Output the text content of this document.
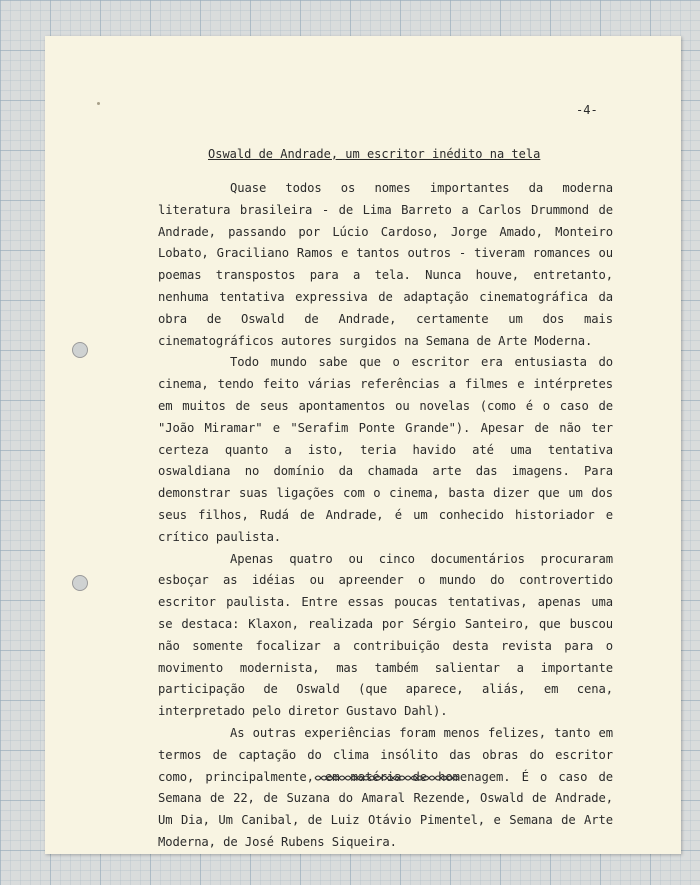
-4-
Oswald de Andrade, um escritor inédito na tela

Quase todos os nomes importantes da moderna literatura brasileira - de Lima Barreto a Carlos Drummond de Andrade, passando por Lúcio Cardoso, Jorge Amado, Monteiro Lobato, Graciliano Ramos e tantos outros - tiveram romances ou poemas transpostos para a tela. Nunca houve, entretanto, nenhuma tentativa expressiva de adaptação cinematográfica da obra de Oswald de Andrade, certamente um dos mais cinematográficos autores surgidos na Semana de Arte Moderna.

Todo mundo sabe que o escritor era entusiasta do cinema, tendo feito várias referências a filmes e intérpretes em muitos de seus apontamentos ou novelas (como é o caso de "João Miramar" e "Serafim Ponte Grande"). Apesar de não ter certeza quanto a isto, teria havido até uma tentativa oswaldiana no domínio da chamada arte das imagens. Para demonstrar suas ligações com o cinema, basta dizer que um dos seus filhos, Rudá de Andrade, é um conhecido historiador e crítico paulista.

Apenas quatro ou cinco documentários procuraram esboçar as idéias ou apreender o mundo do controvertido escritor paulista. Entre essas poucas tentativas, apenas uma se destaca: Klaxon, realizada por Sérgio Santeiro, que buscou não somente focalizar a contribuição desta revista para o movimento modernista, mas também salientar a importante participação de Oswald (que aparece, aliás, em cena, interpretado pelo diretor Gustavo Dahl).

As outras experiências foram menos felizes, tanto em termos de captação do clima insólito das obras do escritor como, principalmente, em matéria de homenagem. É o caso de Semana de 22, de Suzana do Amaral Rezende, Oswald de Andrade, Um Dia, Um Canibal, de Luiz Otávio Pimentel, e Semana de Arte Moderna, de José Rubens Siqueira.
